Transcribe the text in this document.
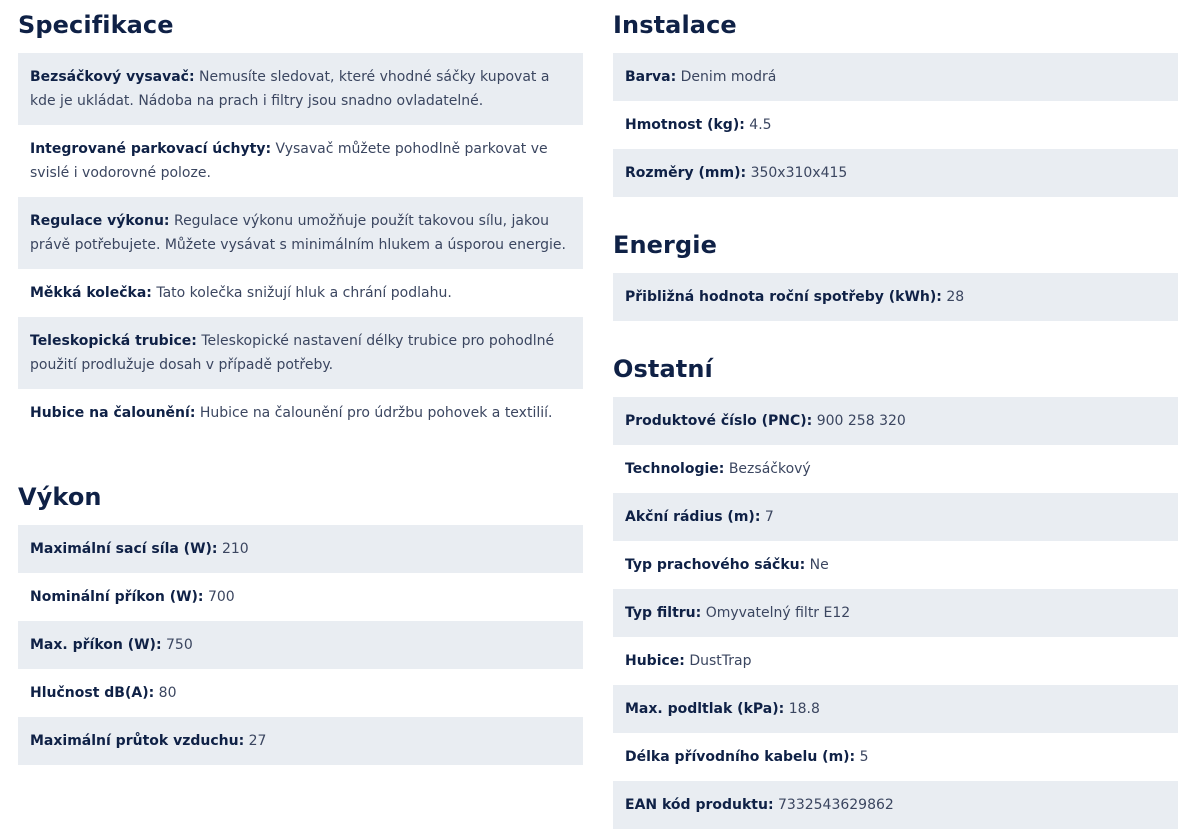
Specifikace
Bezsáčkový vysavač: Nemusíte sledovat, které vhodné sáčky kupovat a kde je ukládat. Nádoba na prach i filtry jsou snadno ovladatelné.
Integrované parkovací úchyty: Vysavač můžete pohodlně parkovat ve svislé i vodorovné poloze.
Regulace výkonu: Regulace výkonu umožňuje použít takovou sílu, jakou právě potřebujete. Můžete vysávat s minimálním hlukem a úsporou energie.
Měkká kolečka: Tato kolečka snižují hluk a chrání podlahu.
Teleskopická trubice: Teleskopické nastavení délky trubice pro pohodlné použití prodlužuje dosah v případě potřeby.
Hubice na čalounění: Hubice na čalounění pro údržbu pohovek a textilií.
Výkon
Maximální sací síla (W): 210
Nominální příkon (W): 700
Max. příkon (W): 750
Hlučnost dB(A): 80
Maximální průtok vzduchu: 27
Instalace
Barva: Denim modrá
Hmotnost (kg): 4.5
Rozměry (mm): 350x310x415
Energie
Přibližná hodnota roční spotřeby (kWh): 28
Ostatní
Produktové číslo (PNC): 900 258 320
Technologie: Bezsáčkový
Akční rádius (m): 7
Typ prachového sáčku: Ne
Typ filtru: Omyvatelný filtr E12
Hubice: DustTrap
Max. podltlak (kPa): 18.8
Délka přívodního kabelu (m): 5
EAN kód produktu: 7332543629862
